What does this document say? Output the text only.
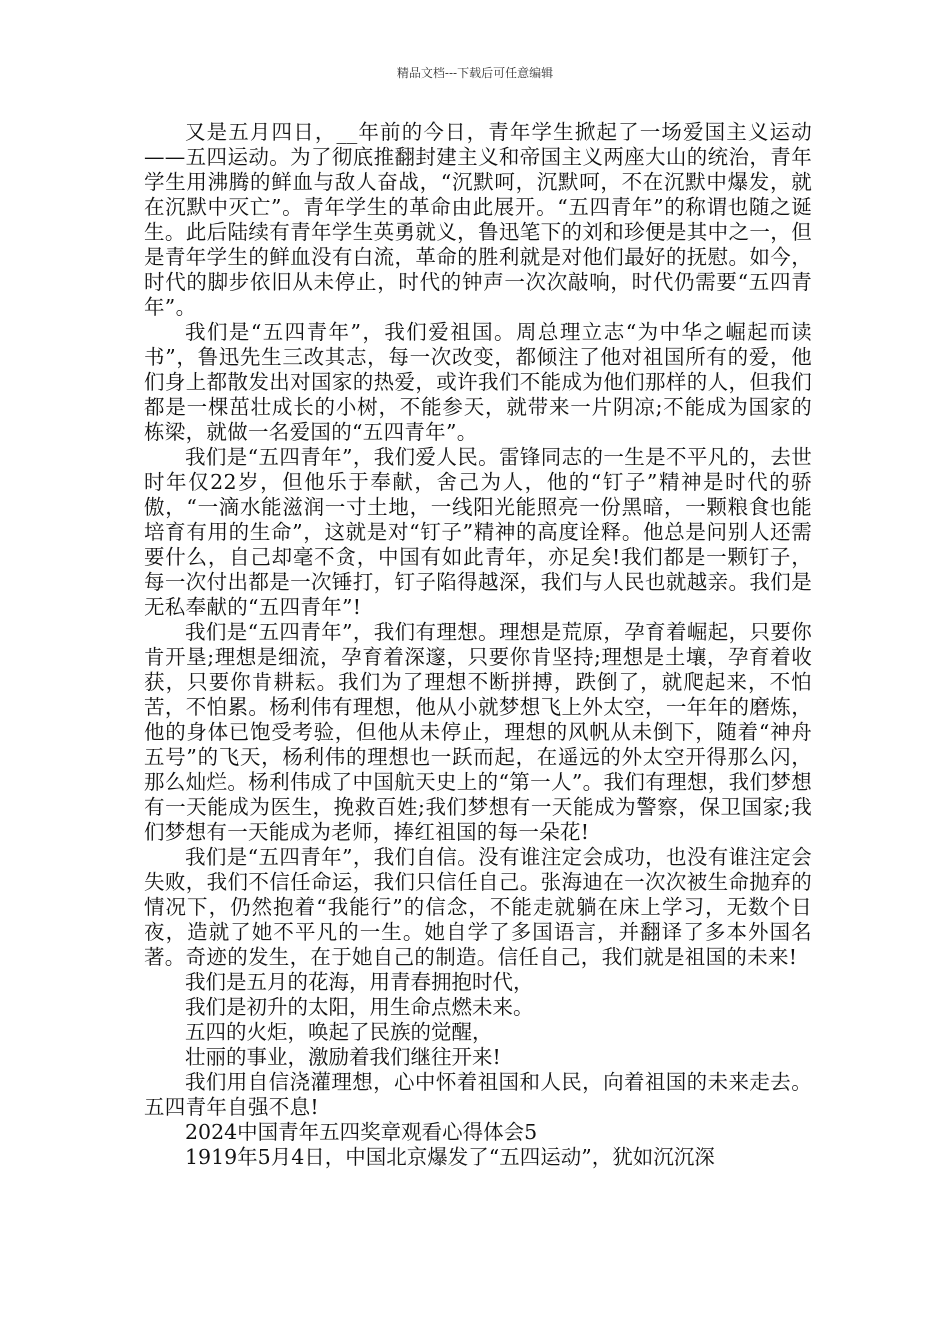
精品文档---下载后可任意编辑

又是五月四日，__年前的今日，青年学生掀起了一场爱国主义运动——五四运动。为了彻底推翻封建主义和帝国主义两座大山的统治，青年学生用沸腾的鲜血与敌人奋战，“沉默呵，沉默呵，不在沉默中爆发，就在沉默中灭亡”。青年学生的革命由此展开。“五四青年”的称谓也随之诞生。此后陆续有青年学生英勇就义，鲁迅笔下的刘和珍便是其中之一，但是青年学生的鲜血没有白流，革命的胜利就是对他们最好的抚慰。如今，时代的脚步依旧从未停止，时代的钟声一次次敲响，时代仍需要“五四青年”。

我们是“五四青年”，我们爱祖国。周总理立志“为中华之崛起而读书”，鲁迅先生三改其志，每一次改变，都倾注了他对祖国所有的爱，他们身上都散发出对国家的热爱，或许我们不能成为他们那样的人，但我们都是一棵茁壮成长的小树，不能参天，就带来一片阴凉;不能成为国家的栋梁，就做一名爱国的“五四青年”。

我们是“五四青年”，我们爱人民。雷锋同志的一生是不平凡的，去世时年仅22岁，但他乐于奉献，舍己为人，他的“钉子”精神是时代的骄傲，“一滴水能滋润一寸土地，一线阳光能照亮一份黑暗，一颗粮食也能培育有用的生命”，这就是对“钉子”精神的高度诠释。他总是问别人还需要什么，自己却毫不贪，中国有如此青年，亦足矣!我们都是一颗钉子，每一次付出都是一次锤打，钉子陷得越深，我们与人民也就越亲。我们是无私奉献的“五四青年”!

我们是“五四青年”，我们有理想。理想是荒原，孕育着崛起，只要你肯开垦;理想是细流，孕育着深邃，只要你肯坚持;理想是土壤，孕育着收获，只要你肯耕耘。我们为了理想不断拼搏，跌倒了，就爬起来，不怕苦，不怕累。杨利伟有理想，他从小就梦想飞上外太空，一年年的磨炼，他的身体已饱受考验，但他从未停止，理想的风帆从未倒下，随着“神舟五号”的飞天，杨利伟的理想也一跃而起，在遥远的外太空开得那么闪，那么灿烂。杨利伟成了中国航天史上的“第一人”。我们有理想，我们梦想有一天能成为医生，挽救百姓;我们梦想有一天能成为警察，保卫国家;我们梦想有一天能成为老师，捧红祖国的每一朵花!

我们是“五四青年”，我们自信。没有谁注定会成功，也没有谁注定会失败，我们不信任命运，我们只信任自己。张海迪在一次次被生命抛弃的情况下，仍然抱着“我能行”的信念，不能走就躺在床上学习，无数个日夜，造就了她不平凡的一生。她自学了多国语言，并翻译了多本外国名著。奇迹的发生，在于她自己的制造。信任自己，我们就是祖国的未来!

我们是五月的花海，用青春拥抱时代，

我们是初升的太阳，用生命点燃未来。

五四的火炬，唤起了民族的觉醒，

壮丽的事业，激励着我们继往开来!

我们用自信浇灌理想，心中怀着祖国和人民，向着祖国的未来走去。五四青年自强不息!

2024中国青年五四奖章观看心得体会5

1919年5月4日，中国北京爆发了“五四运动”，犹如沉沉深
